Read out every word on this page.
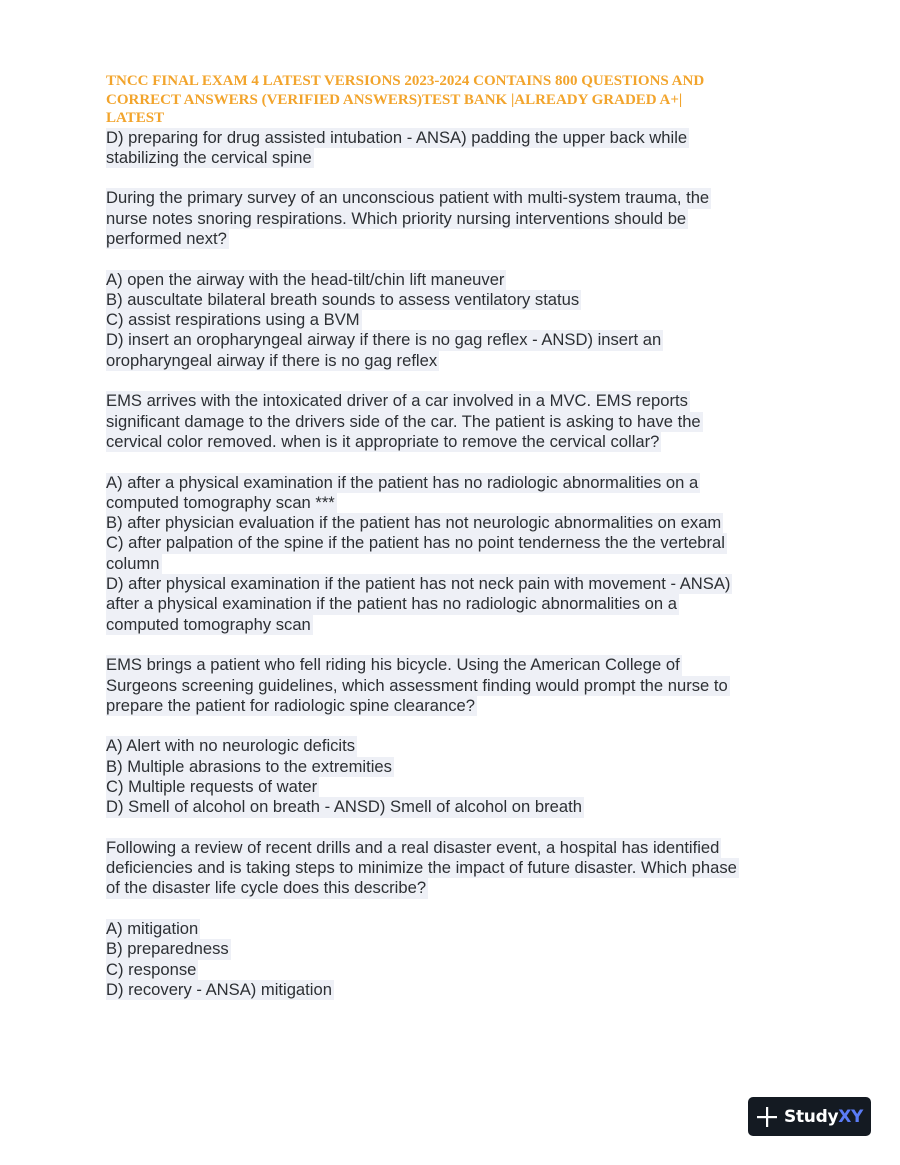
TNCC FINAL EXAM 4 LATEST VERSIONS 2023-2024 CONTAINS 800 QUESTIONS AND
CORRECT ANSWERS (VERIFIED ANSWERS)TEST BANK |ALREADY GRADED A+|
LATEST
D) preparing for drug assisted intubation - ANSA) padding the upper back while
stabilizing the cervical spine
During the primary survey of an unconscious patient with multi-system trauma, the
nurse notes snoring respirations. Which priority nursing interventions should be
performed next?
A) open the airway with the head-tilt/chin lift maneuver
B) auscultate bilateral breath sounds to assess ventilatory status
C) assist respirations using a BVM
D) insert an oropharyngeal airway if there is no gag reflex - ANSD) insert an
oropharyngeal airway if there is no gag reflex
EMS arrives with the intoxicated driver of a car involved in a MVC. EMS reports
significant damage to the drivers side of the car. The patient is asking to have the
cervical color removed. when is it appropriate to remove the cervical collar?
A) after a physical examination if the patient has no radiologic abnormalities on a
computed tomography scan ***
B) after physician evaluation if the patient has not neurologic abnormalities on exam
C) after palpation of the spine if the patient has no point tenderness the the vertebral
column
D) after physical examination if the patient has not neck pain with movement - ANSA)
after a physical examination if the patient has no radiologic abnormalities on a
computed tomography scan
EMS brings a patient who fell riding his bicycle. Using the American College of
Surgeons screening guidelines, which assessment finding would prompt the nurse to
prepare the patient for radiologic spine clearance?
A) Alert with no neurologic deficits
B) Multiple abrasions to the extremities
C) Multiple requests of water
D) Smell of alcohol on breath - ANSD) Smell of alcohol on breath
Following a review of recent drills and a real disaster event, a hospital has identified
deficiencies and is taking steps to minimize the impact of future disaster. Which phase
of the disaster life cycle does this describe?
A) mitigation
B) preparedness
C) response
D) recovery - ANSA) mitigation
StudyXY
